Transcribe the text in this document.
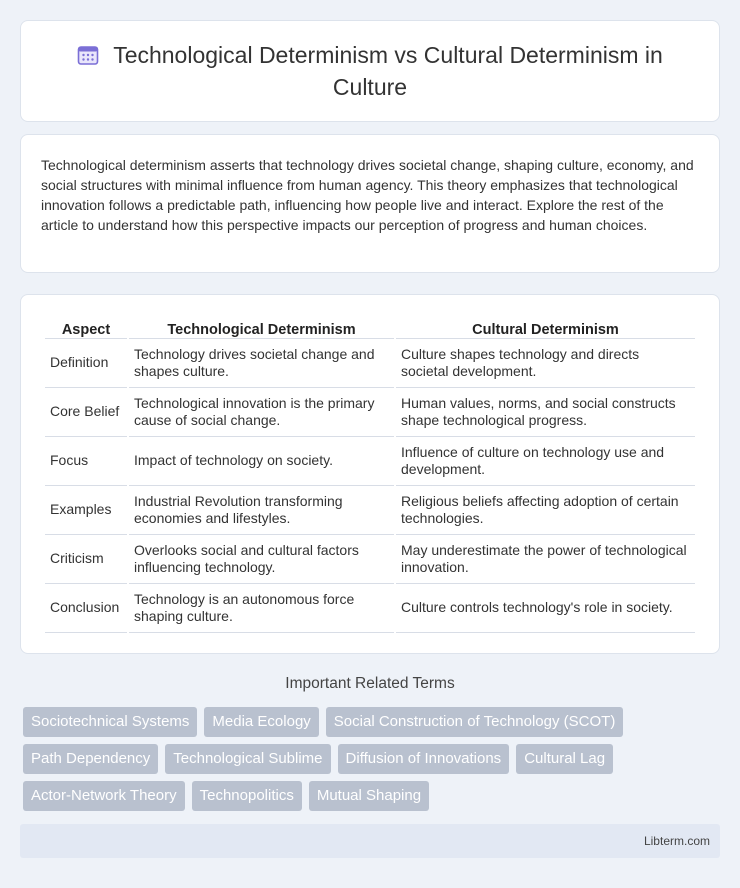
Technological Determinism vs Cultural Determinism in Culture

Technological determinism asserts that technology drives societal change, shaping culture, economy, and social structures with minimal influence from human agency. This theory emphasizes that technological innovation follows a predictable path, influencing how people live and interact. Explore the rest of the article to understand how this perspective impacts our perception of progress and human choices.

Aspect	Technological Determinism	Cultural Determinism
Definition	Technology drives societal change and shapes culture.	Culture shapes technology and directs societal development.
Core Belief	Technological innovation is the primary cause of social change.	Human values, norms, and social constructs shape technological progress.
Focus	Impact of technology on society.	Influence of culture on technology use and development.
Examples	Industrial Revolution transforming economies and lifestyles.	Religious beliefs affecting adoption of certain technologies.
Criticism	Overlooks social and cultural factors influencing technology.	May underestimate the power of technological innovation.
Conclusion	Technology is an autonomous force shaping culture.	Culture controls technology's role in society.
Important Related Terms
Sociotechnical Systems	Media Ecology	Social Construction of Technology (SCOT)
Path Dependency	Technological Sublime	Diffusion of Innovations	Cultural Lag
Actor-Network Theory	Technopolitics	Mutual Shaping
Libterm.com
